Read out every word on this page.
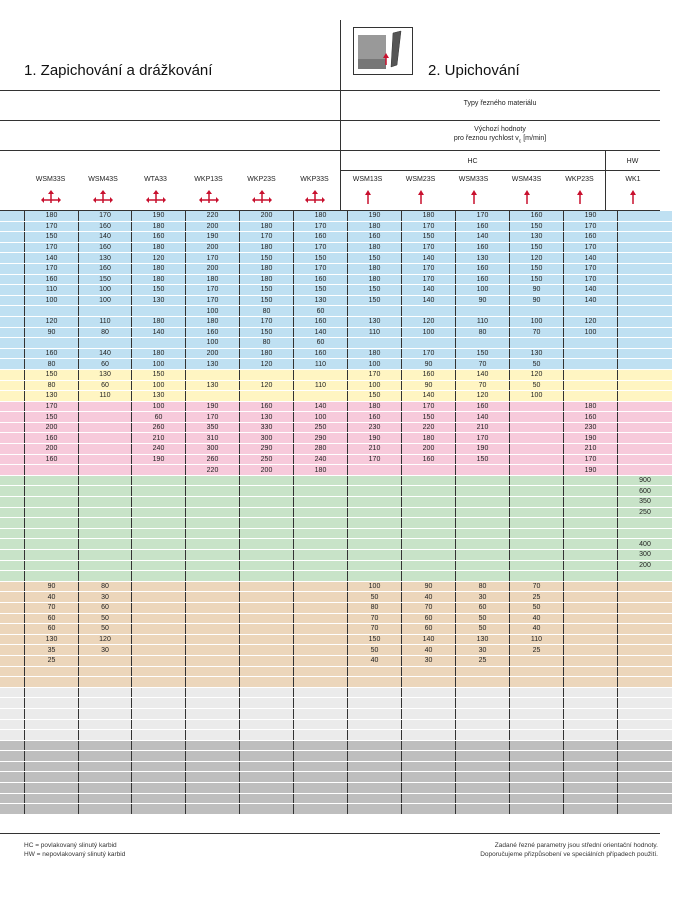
1. Zapichování a drážkování	2. Upichování
Typy řezného materiálu
Výchozí hodnoty
pro řeznou rychlost $v_c$ [m/min]
HC	HW
WSM33S	WSM43S	WTA33	WKP13S	WKP23S	WKP33S	WSM13S	WSM23S	WSM33S	WSM43S	WKP23S	WK1
	180	170	190	220	200	180	190	180	170	160	190	
	170	160	180	200	180	170	180	170	160	150	170	
	150	140	160	190	170	160	160	150	140	130	160	
	170	160	180	200	180	170	180	170	160	150	170	
	140	130	120	170	150	150	150	140	130	120	140	
	170	160	180	200	180	170	180	170	160	150	170	
	160	150	180	180	180	160	180	170	160	150	170	
	110	100	150	170	150	150	150	140	100	90	140	
	100	100	130	170	150	130	150	140	90	90	140	
				100	80	60						
	120	110	180	180	170	160	130	120	110	100	120	
	90	80	140	160	150	140	110	100	80	70	100	
				100	80	60						
	160	140	180	200	180	160	180	170	150	130		
	80	60	100	130	120	110	100	90	70	50		
	150	130	150				170	160	140	120		
	80	60	100	130	120	110	100	90	70	50		
	130	110	130				150	140	120	100		
	170		100	190	160	140	180	170	160		180	
	150		60	170	130	100	160	150	140		160	
	200		260	350	330	250	230	220	210		230	
	160		210	310	300	290	190	180	170		190	
	200		240	300	290	280	210	200	190		210	
	160		190	260	250	240	170	160	150		170	
				220	200	180					190	
												900
												600
												350
												250

												400
												300
												200

	90	80					100	90	80	70		
	40	30					50	40	30	25		
	70	60					80	70	60	50		
	60	50					70	60	50	40		
	60	50					70	60	50	40		
	130	120					150	140	130	110		
	35	30					50	40	30	25		
	25						40	30	25			

HC = povlakovaný slinutý karbid
HW = nepovlakovaný slinutý karbid
Zadané řezné parametry jsou střední orientační hodnoty.
Doporučujeme přizpůsobení ve speciálních případech použití.
